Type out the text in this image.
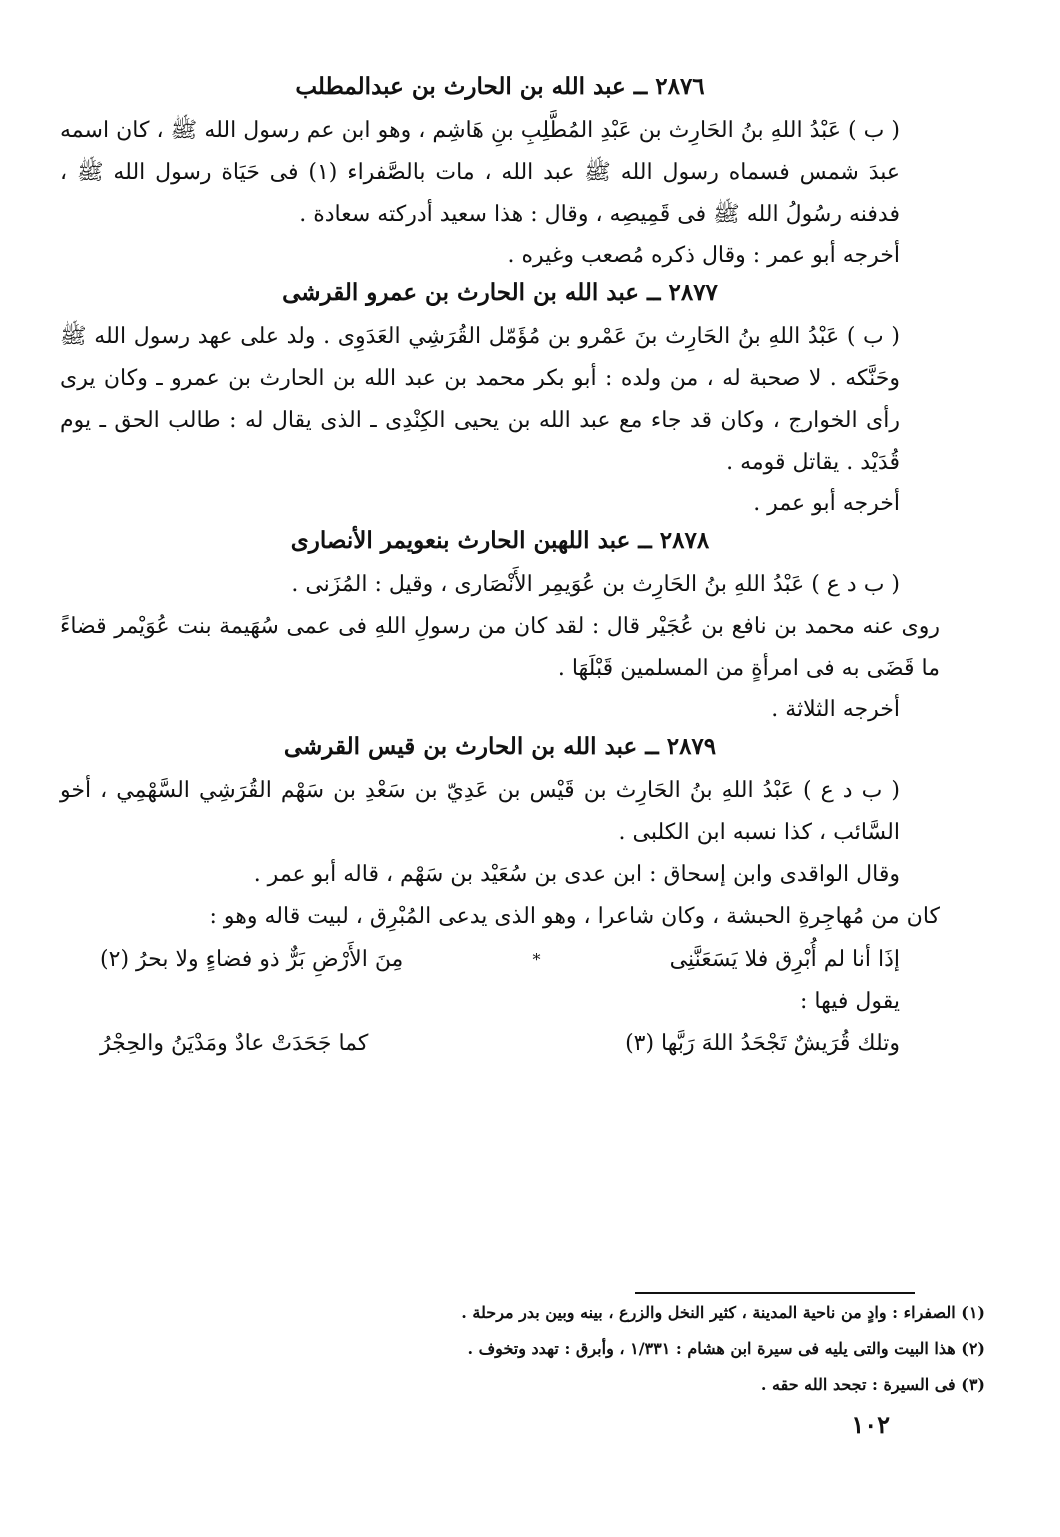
٢٨٧٦ ــ عبد الله بن الحارث بن عبدالمطلب

( ب ) عَبْدُ اللهِ بنُ الحَارِث بن عَبْدِ المُطَّلِبِ بنِ هَاشِم ، وهو ابن عم رسول الله ﷺ ، كان اسمه عبدَ شمس فسماه رسول الله ﷺ عبد الله ، مات بالصَّفراء (١) فى حَيَاة رسول الله ﷺ ، فدفنه رسُولُ الله ﷺ فى قَمِيصِه ، وقال : هذا سعيد أدركته سعادة .

أخرجه أبو عمر : وقال ذكره مُصعب وغيره .

٢٨٧٧ ــ عبد الله بن الحارث بن عمرو القرشى

( ب ) عَبْدُ اللهِ بنُ الحَارِث بنَ عَمْرو بن مُؤَمّل القُرَشِي العَدَوِى . ولد على عهد رسول الله ﷺ وحَنَّكه . لا صحبة له ، من ولده : أبو بكر محمد بن عبد الله بن الحارث بن عمرو ـ وكان يرى رأى الخوارج ، وكان قد جاء مع عبد الله بن يحيى الكِنْدِى ـ الذى يقال له : طالب الحق ـ يوم قُدَيْد . يقاتل قومه .

أخرجه أبو عمر .

٢٨٧٨ ــ عبد اللهبن الحارث بنعويمر الأنصارى

( ب د ع ) عَبْدُ اللهِ بنُ الحَارِث بن عُوَيمِر الأَنْصَارى ، وقيل : المُزَنى .

روى عنه محمد بن نافع بن عُجَيْر قال : لقد كان من رسولِ اللهِ فى عمى سُهَيمة بنت عُوَيْمر قضاءً ما قَضَى به فى امرأةٍ من المسلمين قَبْلَهَا .

أخرجه الثلاثة .

٢٨٧٩ ــ عبد الله بن الحارث بن قيس القرشى

( ب د ع ) عَبْدُ اللهِ بنُ الحَارِث بن قَيْس بن عَدِيّ بن سَعْدِ بن سَهْم القُرَشِي السَّهْمِي ، أخو السَّائب ، كذا نسبه ابن الكلبى .

وقال الواقدى وابن إسحاق : ابن عدى بن سُعَيْد بن سَهْم ، قاله أبو عمر .

كان من مُهاجِرةِ الحبشة ، وكان شاعرا ، وهو الذى يدعى المُبْرِق ، لبيت قاله وهو :

إذَا أنا لم أُبْرِق فلا يَسَعَنَّنِى
*
مِنَ الأَرْضِ بَرٌّ ذو فضاءٍ ولا بحرُ (٢)

يقول فيها :

وتلك قُرَيشٌ تَجْحَدُ اللهَ رَبَّها (٣)
كما جَحَدَتْ عادٌ ومَدْيَنُ والحِجْرُ
(١) الصفراء : وادٍ من ناحية المدينة ، كثير النخل والزرع ، بينه وبين بدر مرحلة .
(٢) هذا البيت والتى يليه فى سيرة ابن هشام : ١/٣٣١ ، وأبرق : تهدد وتخوف .
(٣) فى السيرة : تجحد الله حقه .
١٠٢
